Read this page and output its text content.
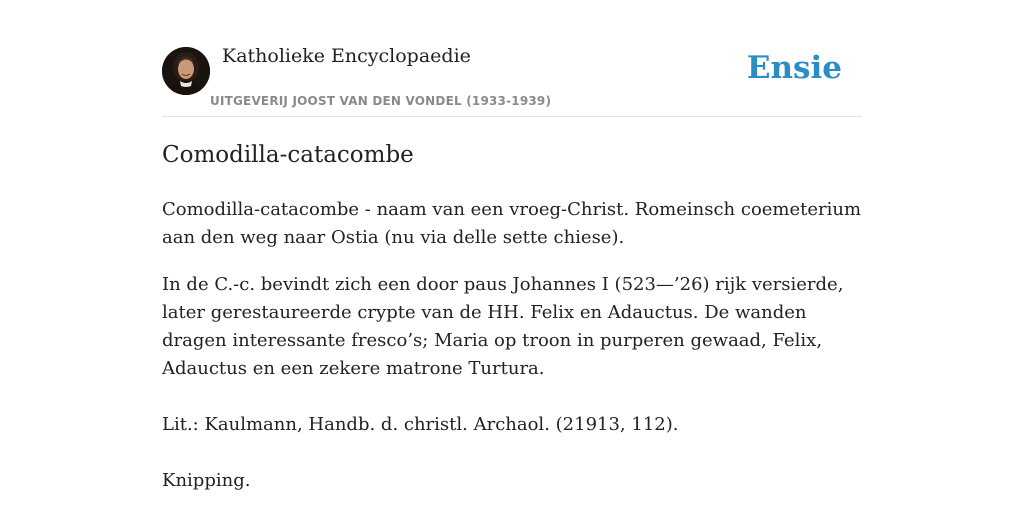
Katholieke Encyclopaedie
UITGEVERIJ JOOST VAN DEN VONDEL (1933-1939)
Ensie
Comodilla-catacombe

Comodilla-catacombe - naam van een vroeg-Christ. Romeinsch coemeterium aan den weg naar Ostia (nu via delle sette chiese).

In de C.-c. bevindt zich een door paus Johannes I (523—’26) rijk versierde, later gerestaureerde crypte van de HH. Felix en Adauctus. De wanden dragen interessante fresco’s; Maria op troon in purperen gewaad, Felix, Adauctus en een zekere matrone Turtura.

Lit.: Kaulmann, Handb. d. christl. Archaol. (21913, 112).

Knipping.
